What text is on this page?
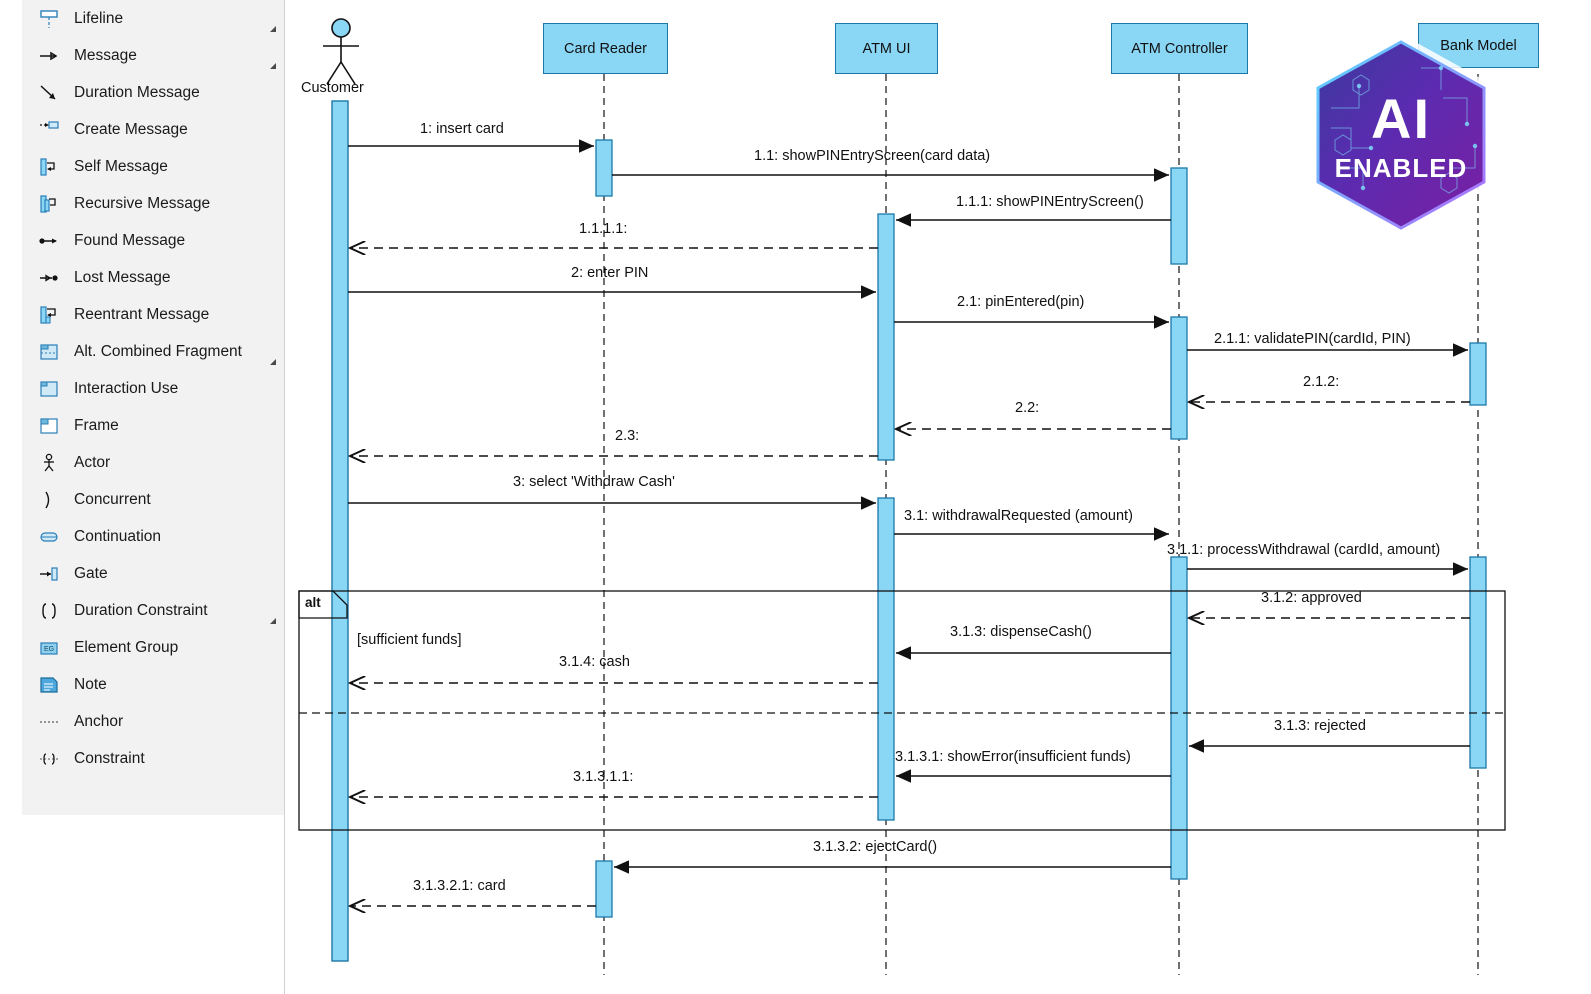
Lifeline
Message
Duration Message
Create Message
Self Message
Recursive Message
Found Message
Lost Message
Reentrant Message
Alt. Combined Fragment
Interaction Use
Frame
Actor
Concurrent
Continuation
Gate
Duration Constraint
EG Element Group
Note
Anchor
Constraint
Card Reader	ATM UI	ATM Controller	Bank Model
Customer
alt
[sufficient funds]
1: insert card
1.1: showPINEntryScreen(card data)
1.1.1: showPINEntryScreen()
1.1.1.1:
2: enter PIN
2.1: pinEntered(pin)
2.1.1: validatePIN(cardId, PIN)
2.1.2:
2.2:
2.3:
3: select 'Withdraw Cash'
3.1: withdrawalRequested (amount)
3.1.1: processWithdrawal (cardId, amount)
3.1.2: approved
3.1.3: dispenseCash()
3.1.4: cash
3.1.3: rejected
3.1.3.1: showError(insufficient funds)
3.1.3.1.1:
3.1.3.2: ejectCard()
3.1.3.2.1: card
AI
ENABLED
